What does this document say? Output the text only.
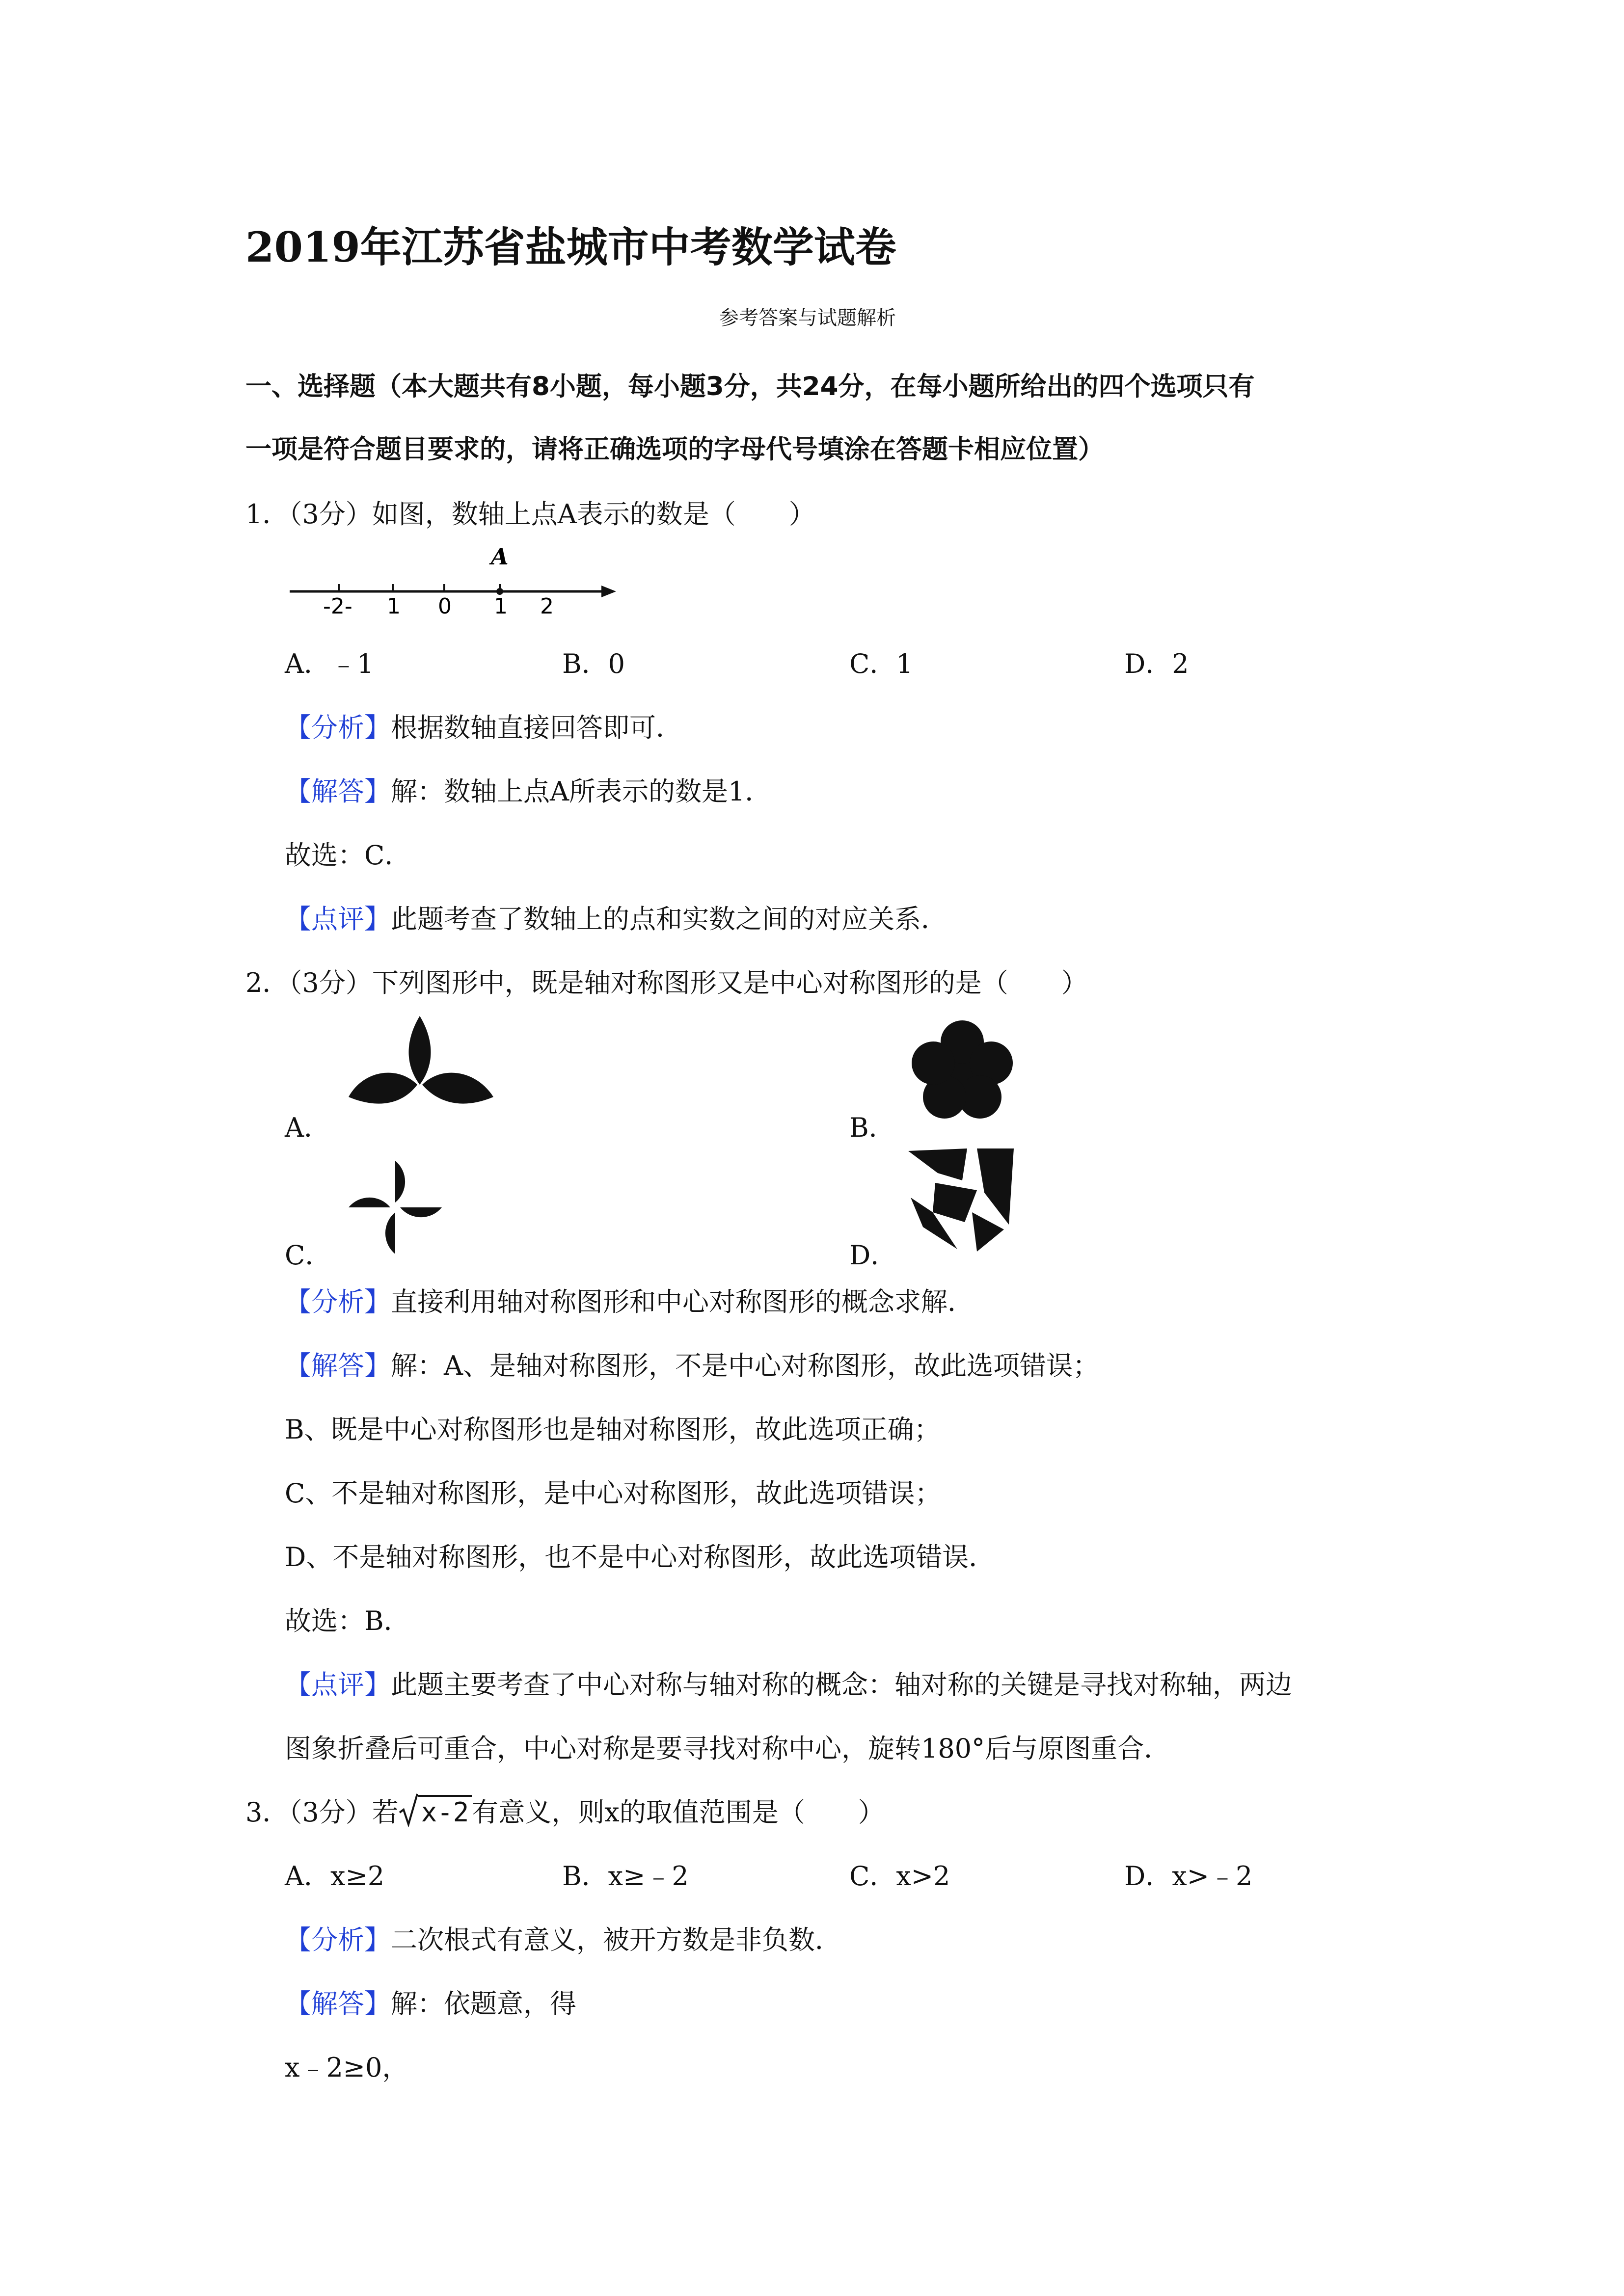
2019年江苏省盐城市中考数学试卷
参考答案与试题解析
一、选择题（本大题共有8小题，每小题3分，共24分，在每小题所给出的四个选项只有
一项是符合题目要求的，请将正确选项的字母代号填涂在答题卡相应位置）
1．（3分）如图，数轴上点A表示的数是（　　）
A
-2- 1 0 1 2
A．﹣1	B．0	C．1	D．2
【分析】根据数轴直接回答即可．
【解答】解：数轴上点A所表示的数是1．
故选：C．
【点评】此题考查了数轴上的点和实数之间的对应关系．
2．（3分）下列图形中，既是轴对称图形又是中心对称图形的是（　　）
A．	B．
C．	D．
【分析】直接利用轴对称图形和中心对称图形的概念求解．
【解答】解：A、是轴对称图形，不是中心对称图形，故此选项错误；
B、既是中心对称图形也是轴对称图形，故此选项正确；
C、不是轴对称图形，是中心对称图形，故此选项错误；
D、不是轴对称图形，也不是中心对称图形，故此选项错误．
故选：B．
【点评】此题主要考查了中心对称与轴对称的概念：轴对称的关键是寻找对称轴，两边
图象折叠后可重合，中心对称是要寻找对称中心，旋转180°后与原图重合．
3．（3分）若 x-2 有意义，则x的取值范围是（　　）
A．x≥2	B．x≥﹣2	C．x>2	D．x>﹣2
【分析】二次根式有意义，被开方数是非负数．
【解答】解：依题意，得
x﹣2≥0，
